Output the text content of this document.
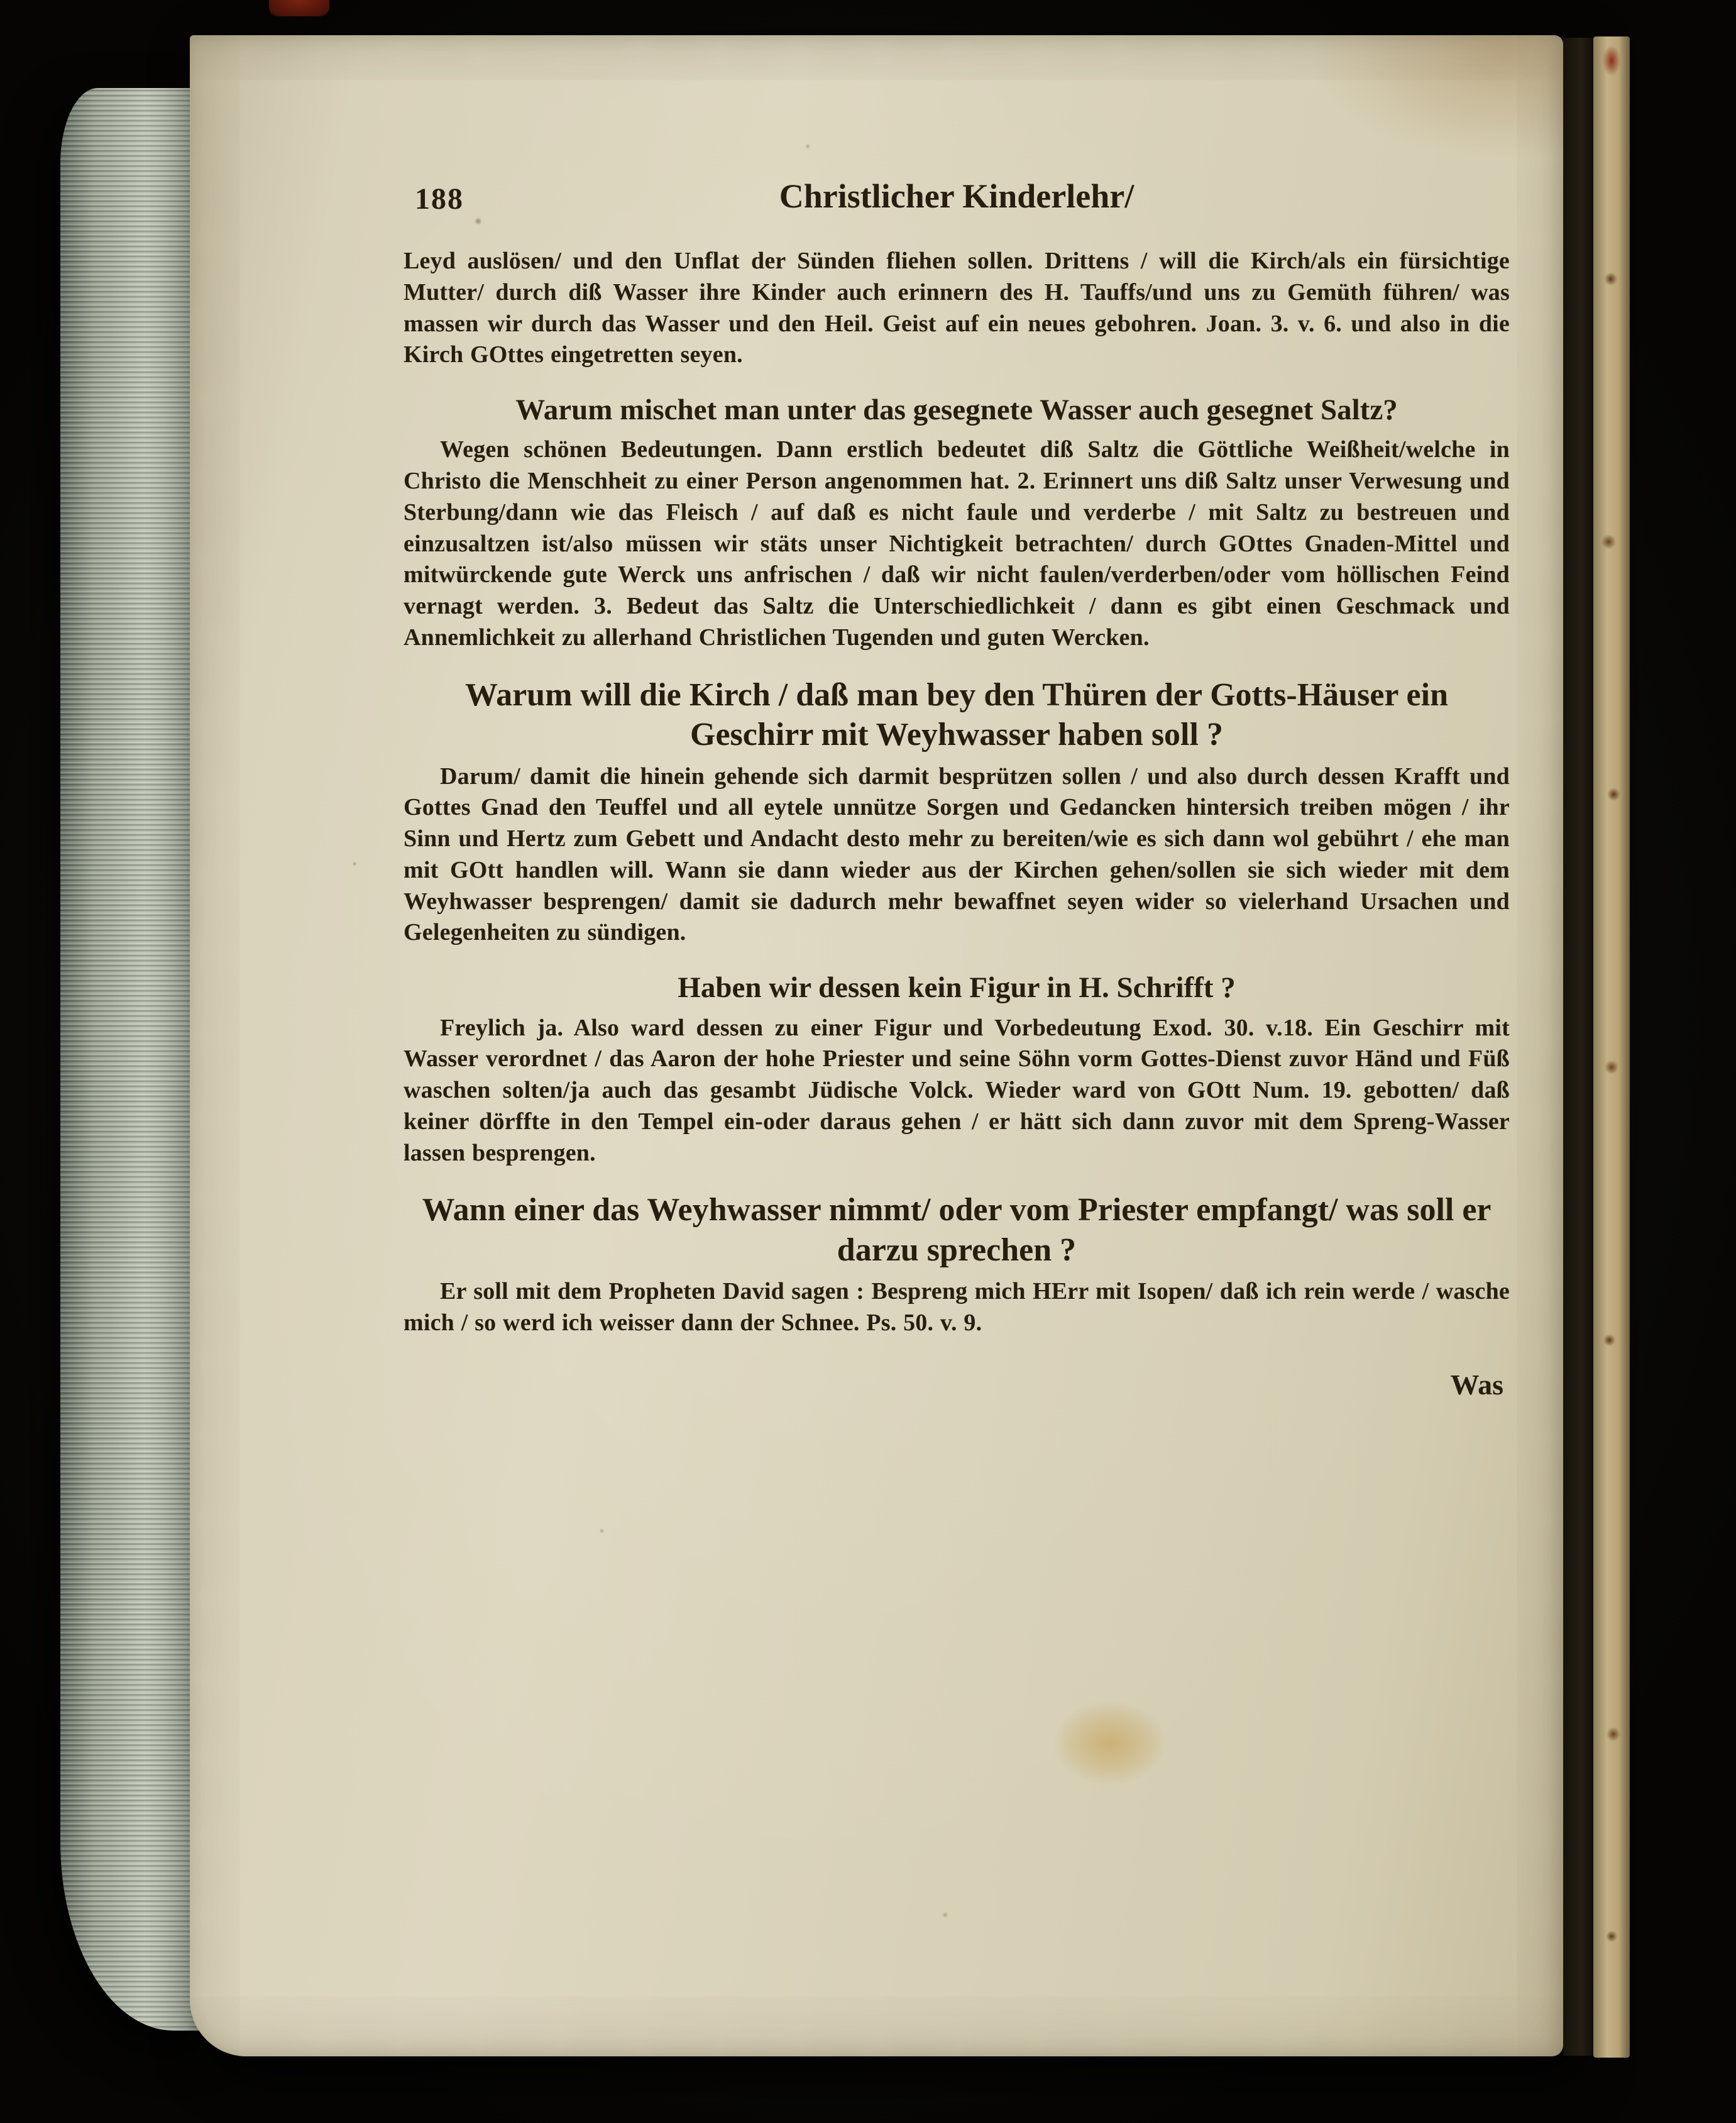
188	Christlicher Kinderlehr/

Leyd auslösen/ und den Unflat der Sünden fliehen sollen. Drittens / will die Kirch/als ein fürsichtige Mutter/ durch diß Wasser ihre Kinder auch erinnern des H. Tauffs/und uns zu Gemüth führen/ was massen wir durch das Wasser und den Heil. Geist auf ein neues gebohren. Joan. 3. v. 6. und also in die Kirch GOttes eingetretten seyen.

Warum mischet man unter das gesegnete Wasser auch gesegnet Saltz?

Wegen schönen Bedeutungen. Dann erstlich bedeutet diß Saltz die Göttliche Weißheit/welche in Christo die Menschheit zu einer Person angenommen hat. 2. Erinnert uns diß Saltz unser Verwesung und Sterbung/dann wie das Fleisch / auf daß es nicht faule und verderbe / mit Saltz zu bestreuen und einzusaltzen ist/also müssen wir stäts unser Nichtigkeit betrachten/ durch GOttes Gnaden-Mittel und mitwürckende gute Werck uns anfrischen / daß wir nicht faulen/verderben/oder vom höllischen Feind vernagt werden. 3. Bedeut das Saltz die Unterschiedlichkeit / dann es gibt einen Geschmack und Annemlichkeit zu allerhand Christlichen Tugenden und guten Wercken.

Warum will die Kirch / daß man bey den Thüren der Gotts-Häuser ein Geschirr mit Weyhwasser haben soll ?

Darum/ damit die hinein gehende sich darmit besprützen sollen / und also durch dessen Krafft und Gottes Gnad den Teuffel und all eytele unnütze Sorgen und Gedancken hintersich treiben mögen / ihr Sinn und Hertz zum Gebett und Andacht desto mehr zu bereiten/wie es sich dann wol gebührt / ehe man mit GOtt handlen will. Wann sie dann wieder aus der Kirchen gehen/sollen sie sich wieder mit dem Weyhwasser besprengen/ damit sie dadurch mehr bewaffnet seyen wider so vielerhand Ursachen und Gelegenheiten zu sündigen.

Haben wir dessen kein Figur in H. Schrifft ?

Freylich ja. Also ward dessen zu einer Figur und Vorbedeutung Exod. 30. v.18. Ein Geschirr mit Wasser verordnet / das Aaron der hohe Priester und seine Söhn vorm Gottes-Dienst zuvor Händ und Füß waschen solten/ja auch das gesambt Jüdische Volck. Wieder ward von GOtt Num. 19. gebotten/ daß keiner dörffte in den Tempel ein-oder daraus gehen / er hätt sich dann zuvor mit dem Spreng-Wasser lassen besprengen.

Wann einer das Weyhwasser nimmt/ oder vom Priester empfangt/ was soll er darzu sprechen ?

Er soll mit dem Propheten David sagen : Bespreng mich HErr mit Isopen/ daß ich rein werde / wasche mich / so werd ich weisser dann der Schnee. Ps. 50. v. 9.

Was
